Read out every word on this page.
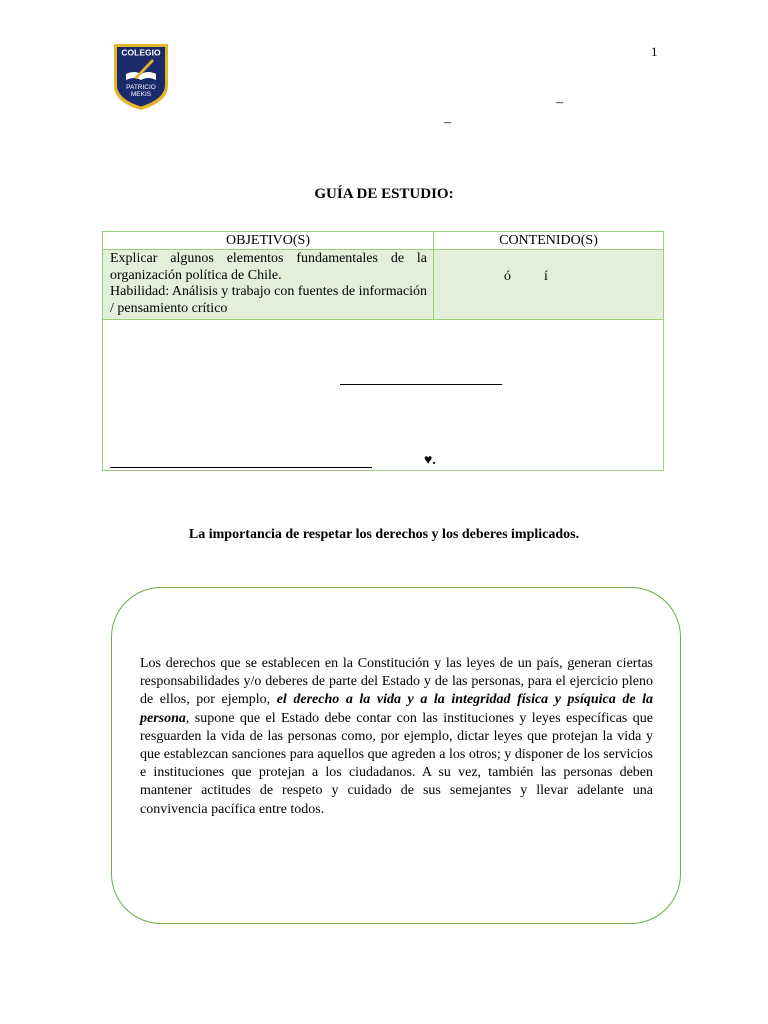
COLEGIO
PATRICIO
MEKIS
1
–
–
GUÍA DE ESTUDIO:
OBJETIVO(S)	CONTENIDO(S)
Explicar algunos elementos fundamentales de la organización política de Chile.
Habilidad: Análisis y trabajo con fuentes de información / pensamiento crítico
ó í
♥.
La importancia de respetar los derechos y los deberes implicados.

Los derechos que se establecen en la Constitución y las leyes de un país, generan ciertas responsabilidades y/o deberes de parte del Estado y de las personas, para el ejercicio pleno de ellos, por ejemplo, el derecho a la vida y a la integridad física y psíquica de la persona, supone que el Estado debe contar con las instituciones y leyes específicas que resguarden la vida de las personas como, por ejemplo, dictar leyes que protejan la vida y que establezcan sanciones para aquellos que agreden a los otros; y disponer de los servicios e instituciones que protejan a los ciudadanos. A su vez, también las personas deben mantener actitudes de respeto y cuidado de sus semejantes y llevar adelante una convivencia pacífica entre todos.
